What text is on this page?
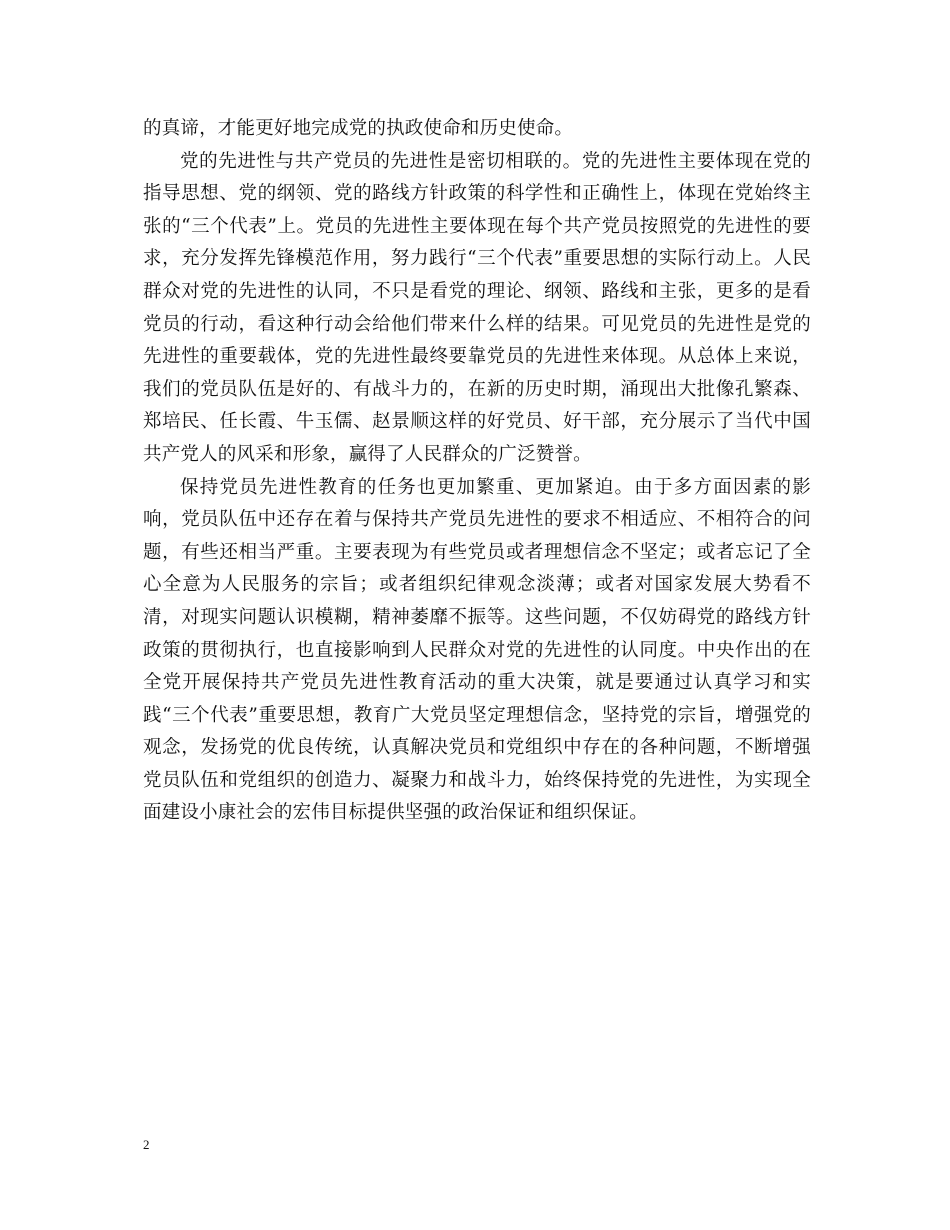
的真谛，才能更好地完成党的执政使命和历史使命。

党的先进性与共产党员的先进性是密切相联的。党的先进性主要体现在党的指导思想、党的纲领、党的路线方针政策的科学性和正确性上，体现在党始终主张的“三个代表”上。党员的先进性主要体现在每个共产党员按照党的先进性的要求，充分发挥先锋模范作用，努力践行“三个代表”重要思想的实际行动上。人民群众对党的先进性的认同，不只是看党的理论、纲领、路线和主张，更多的是看党员的行动，看这种行动会给他们带来什么样的结果。可见党员的先进性是党的先进性的重要载体，党的先进性最终要靠党员的先进性来体现。从总体上来说，我们的党员队伍是好的、有战斗力的，在新的历史时期，涌现出大批像孔繁森、郑培民、任长霞、牛玉儒、赵景顺这样的好党员、好干部，充分展示了当代中国共产党人的风采和形象，赢得了人民群众的广泛赞誉。

保持党员先进性教育的任务也更加繁重、更加紧迫。由于多方面因素的影响，党员队伍中还存在着与保持共产党员先进性的要求不相适应、不相符合的问题，有些还相当严重。主要表现为有些党员或者理想信念不坚定；或者忘记了全心全意为人民服务的宗旨；或者组织纪律观念淡薄；或者对国家发展大势看不清，对现实问题认识模糊，精神萎靡不振等。这些问题，不仅妨碍党的路线方针政策的贯彻执行，也直接影响到人民群众对党的先进性的认同度。中央作出的在全党开展保持共产党员先进性教育活动的重大决策，就是要通过认真学习和实践“三个代表”重要思想，教育广大党员坚定理想信念，坚持党的宗旨，增强党的观念，发扬党的优良传统，认真解决党员和党组织中存在的各种问题，不断增强党员队伍和党组织的创造力、凝聚力和战斗力，始终保持党的先进性，为实现全面建设小康社会的宏伟目标提供坚强的政治保证和组织保证。

2
